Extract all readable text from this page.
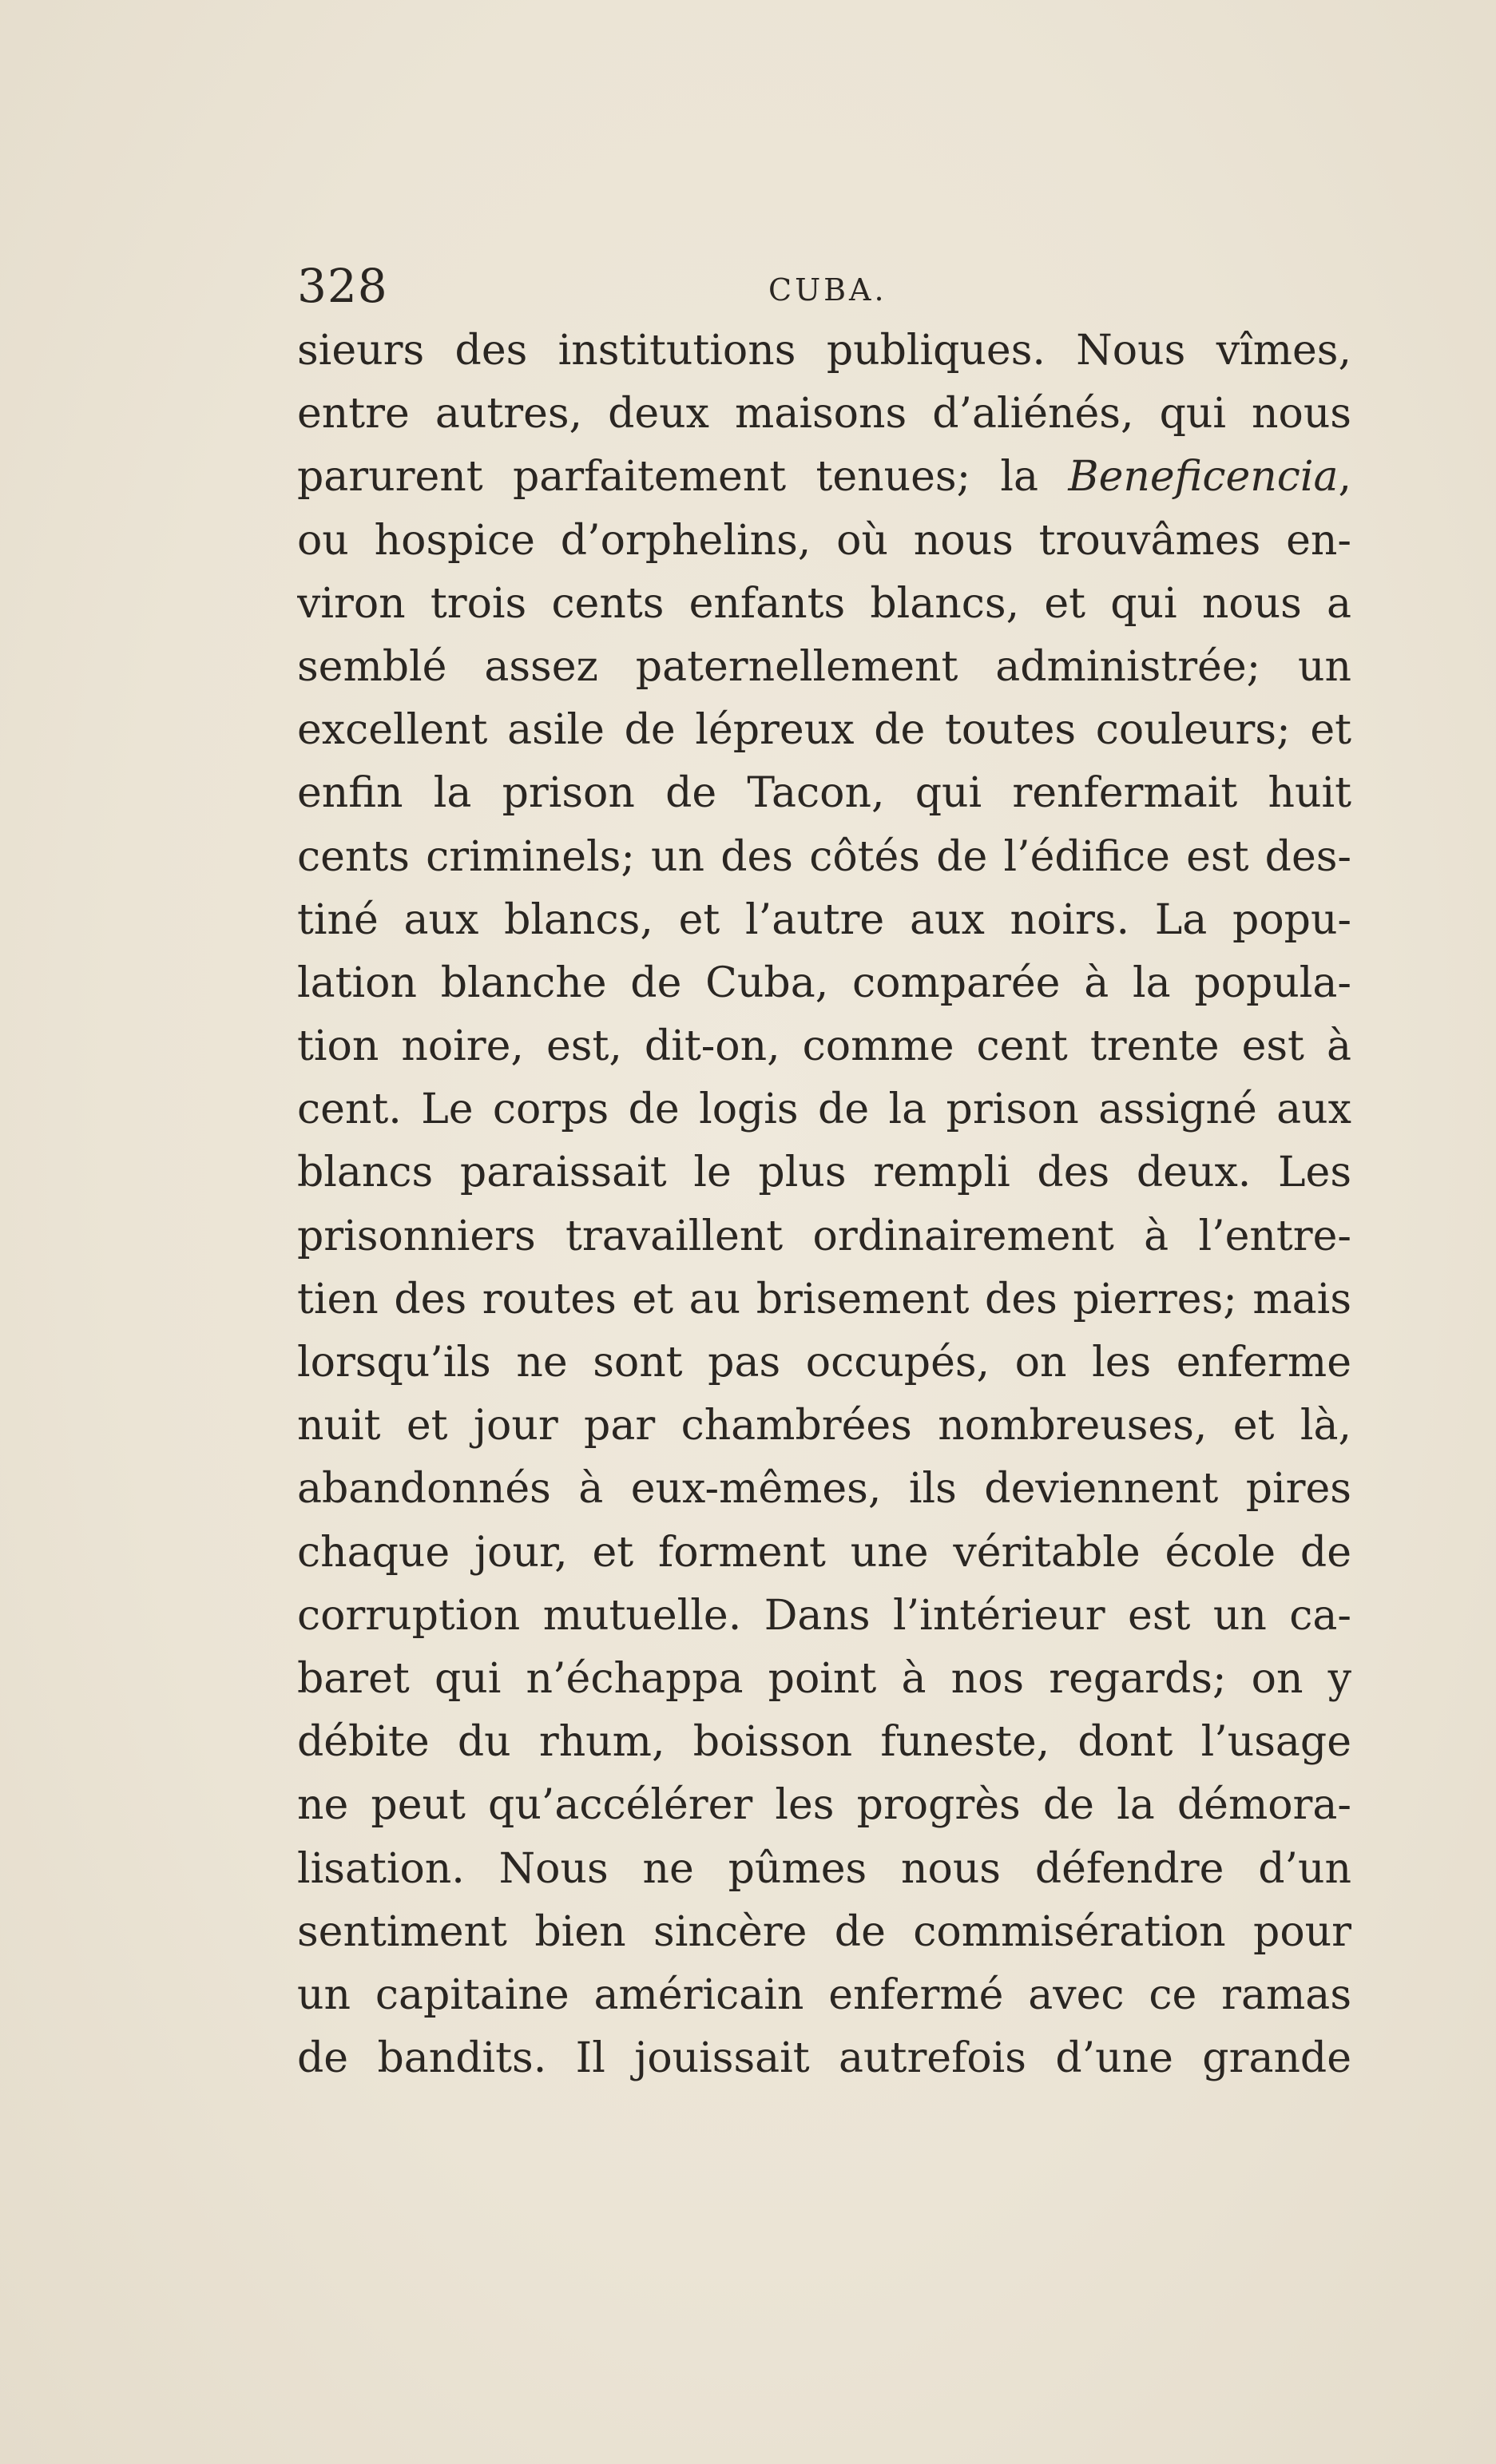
328	CUBA.
sieurs des institutions publiques. Nous vîmes,
entre autres, deux maisons d’aliénés, qui nous
parurent parfaitement tenues; la Beneficencia,
ou hospice d’orphelins, où nous trouvâmes en-
viron trois cents enfants blancs, et qui nous a
semblé assez paternellement administrée; un
excellent asile de lépreux de toutes couleurs; et
enfin la prison de Tacon, qui renfermait huit
cents criminels; un des côtés de l’édifice est des-
tiné aux blancs, et l’autre aux noirs. La popu-
lation blanche de Cuba, comparée à la popula-
tion noire, est, dit-on, comme cent trente est à
cent. Le corps de logis de la prison assigné aux
blancs paraissait le plus rempli des deux. Les
prisonniers travaillent ordinairement à l’entre-
tien des routes et au brisement des pierres; mais
lorsqu’ils ne sont pas occupés, on les enferme
nuit et jour par chambrées nombreuses, et là,
abandonnés à eux-mêmes, ils deviennent pires
chaque jour, et forment une véritable école de
corruption mutuelle. Dans l’intérieur est un ca-
baret qui n’échappa point à nos regards; on y
débite du rhum, boisson funeste, dont l’usage
ne peut qu’accélérer les progrès de la démora-
lisation. Nous ne pûmes nous défendre d’un
sentiment bien sincère de commisération pour
un capitaine américain enfermé avec ce ramas
de bandits. Il jouissait autrefois d’une grande
